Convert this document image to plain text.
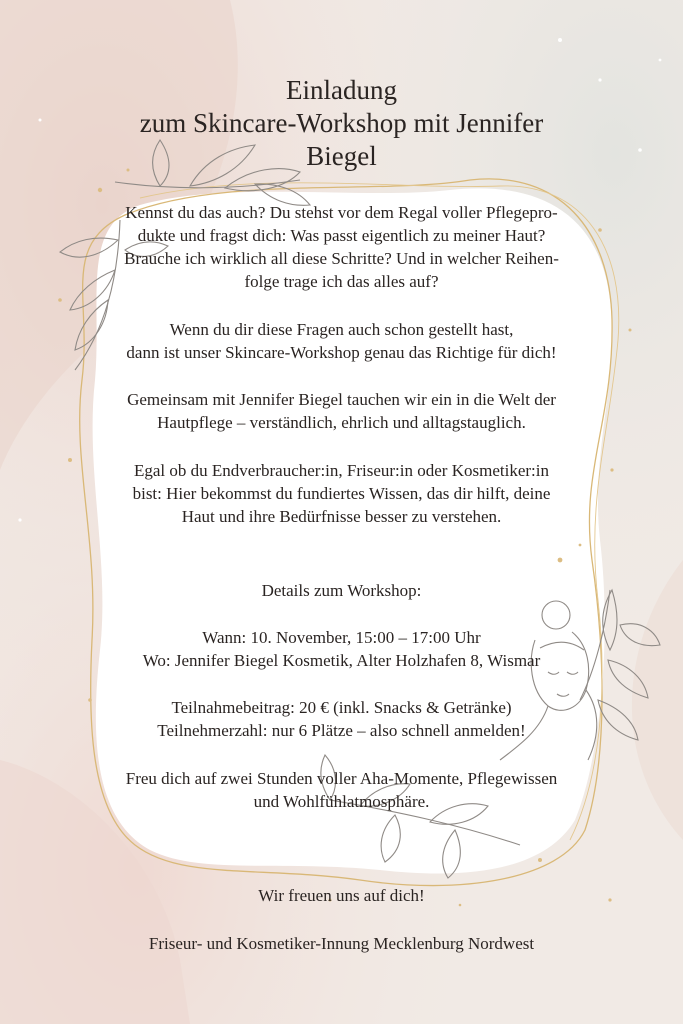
Einladung
zum Skincare-Workshop mit Jennifer
Biegel
Kennst du das auch? Du stehst vor dem Regal voller Pflegepro-
dukte und fragst dich: Was passt eigentlich zu meiner Haut?
Brauche ich wirklich all diese Schritte? Und in welcher Reihen-
folge trage ich das alles auf?
Wenn du dir diese Fragen auch schon gestellt hast,
dann ist unser Skincare-Workshop genau das Richtige für dich!
Gemeinsam mit Jennifer Biegel tauchen wir ein in die Welt der
Hautpflege – verständlich, ehrlich und alltagstauglich.
Egal ob du Endverbraucher:in, Friseur:in oder Kosmetiker:in
bist: Hier bekommst du fundiertes Wissen, das dir hilft, deine
Haut und ihre Bedürfnisse besser zu verstehen.
Details zum Workshop:
Wann: 10. November, 15:00 – 17:00 Uhr
Wo: Jennifer Biegel Kosmetik, Alter Holzhafen 8, Wismar
Teilnahmebeitrag: 20 € (inkl. Snacks & Getränke)
Teilnehmerzahl: nur 6 Plätze – also schnell anmelden!
Freu dich auf zwei Stunden voller Aha-Momente, Pflegewissen
und Wohlfühlatmosphäre.
Wir freuen uns auf dich!
Friseur- und Kosmetiker-Innung Mecklenburg Nordwest
